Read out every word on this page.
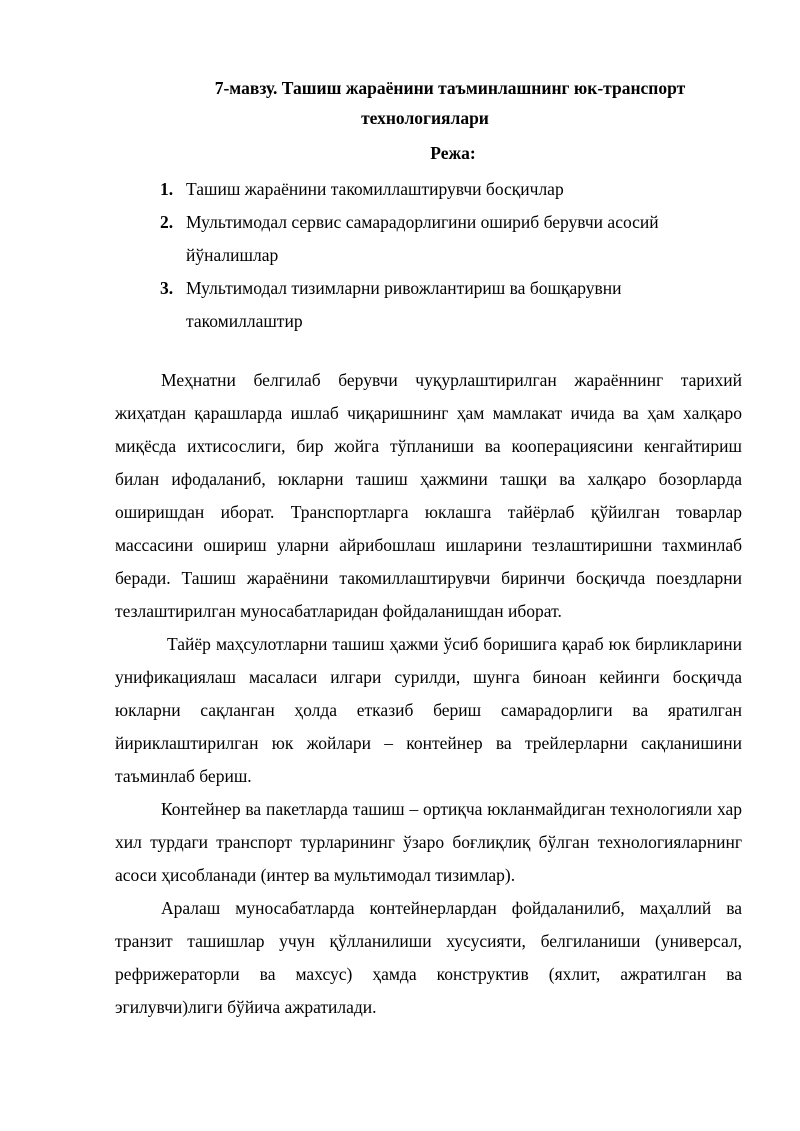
7-мавзу. Ташиш жараёнини таъминлашнинг юк-транспорт
технологиялари
Режа:

1. Ташиш жараёнини такомиллаштирувчи босқичлар

2. Мультимодал сервис самарадорлигини ошириб берувчи асосий йўналишлар

3. Мультимодал тизимларни ривожлантириш ва бошқарувни такомиллаштир

Меҳнатни белгилаб берувчи чуқурлаштирилган жараённинг тарихий жиҳатдан қарашларда ишлаб чиқаришнинг ҳам мамлакат ичида ва ҳам халқаро миқёсда ихтисослиги, бир жойга тўпланиши ва кооперациясини кенгайтириш билан ифодаланиб, юкларни ташиш ҳажмини ташқи ва халқаро бозорларда оширишдан иборат. Транспортларга юклашга тайёрлаб қўйилган товарлар массасини ошириш уларни айрибошлаш ишларини тезлаштиришни тахминлаб беради. Ташиш жараёнини такомиллаштирувчи биринчи босқичда поездларни тезлаштирилган муносабатларидан фойдаланишдан иборат.

Тайёр маҳсулотларни ташиш ҳажми ўсиб боришига қараб юк бирликларини унификациялаш масаласи илгари сурилди, шунга биноан кейинги босқичда юкларни сақланган ҳолда етказиб бериш самарадорлиги ва яратилган йириклаштирилган юк жойлари – контейнер ва трейлерларни сақланишини таъминлаб бериш.

Контейнер ва пакетларда ташиш – ортиқча юкланмайдиган технологияли хар хил турдаги транспорт турларининг ўзаро боғлиқлиқ бўлган технологияларнинг асоси ҳисобланади (интер ва мультимодал тизимлар).

Аралаш муносабатларда контейнерлардан фойдаланилиб, маҳаллий ва транзит ташишлар учун қўлланилиши хусусияти, белгиланиши (универсал, рефрижераторли ва махсус) ҳамда конструктив (яхлит, ажратилган ва эгилувчи)лиги бўйича ажратилади.
